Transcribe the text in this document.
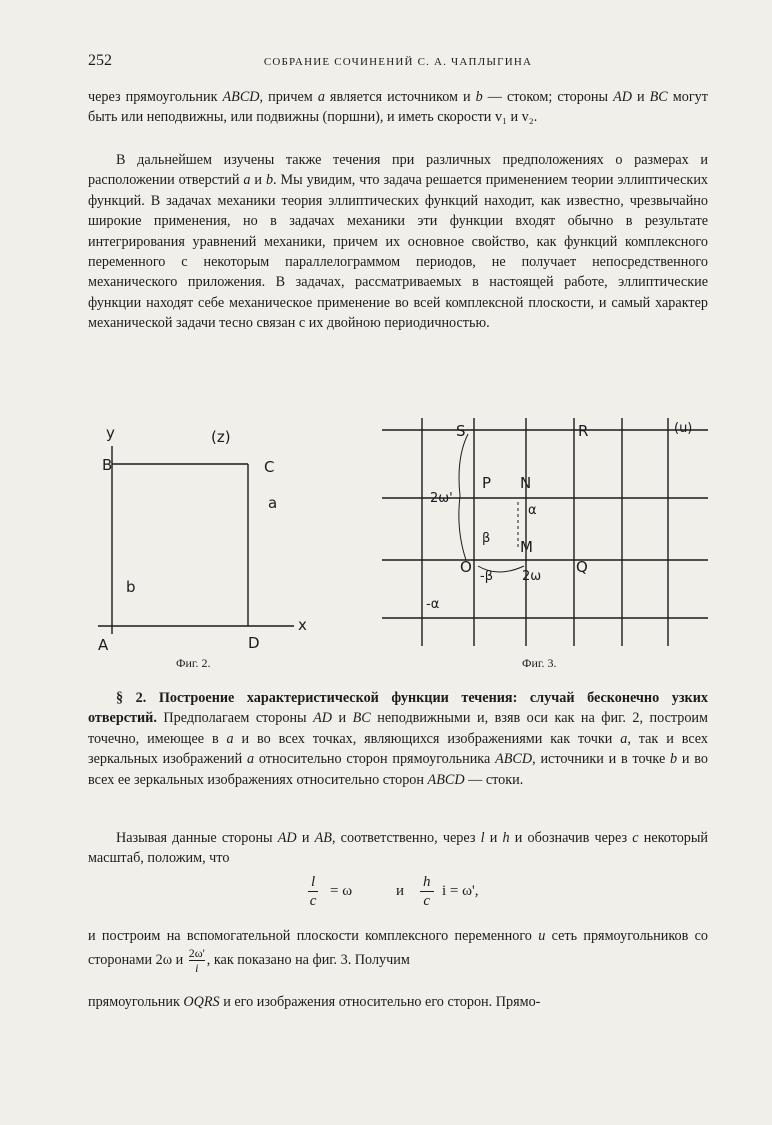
252	СОБРАНИЕ СОЧИНЕНИЙ С. А. ЧАПЛЫГИНА

через прямоугольник ABCD, причем a является источником и b — стоком; стороны AD и BC могут быть или неподвижны, или подвижны (поршни), и иметь скорости v₁ и v₂.

В дальнейшем изучены также течения при различных предположениях о размерах и расположении отверстий a и b. Мы увидим, что задача решается применением теории эллиптических функций. В задачах механики теория эллиптических функций находит, как известно, чрезвычайно широкие применения, но в задачах механики эти функции входят обычно в результате интегрирования уравнений механики, причем их основное свойство, как функций комплексного переменного с некоторым параллелограммом периодов, не получает непосредственного механического приложения. В задачах, рассматриваемых в настоящей работе, эллиптические функции находят себе механическое применение во всей комплексной плоскости, и самый характер механической задачи тесно связан с их двойною периодичностью.

y	(z)
B	C
a
b
A	D
x
Фиг. 2.
(u)
S	R
P N
α
2ω'
β M
O	Q
-β 2ω
-α
Фиг. 3.

§ 2. Построение характеристической функции течения: случай бесконечно узких отверстий. Предполагаем стороны AD и BC неподвижными и, взяв оси как на фиг. 2, построим точечно, имеющее в a и во всех точках, являющихся изображениями как точки a, так и всех зеркальных изображений a относительно сторон прямоугольника ABCD, источники и в точке b и во всех ее зеркальных изображениях относительно сторон ABCD — стоки.

Называя данные стороны AD и AB, соответственно, через l и h и обозначив через c некоторый масштаб, положим, что

$\frac{l}{c} = \omega$	и $\frac{h}{c}$ i = ω',

и построим на вспомогательной плоскости комплексного переменного u сеть прямоугольников со сторонами 2ω и $\frac{2\omega'}{i}$ , как показано на фиг. 3. Получим

прямоугольник OQRS и его изображения относительно его сторон. Прямо-
